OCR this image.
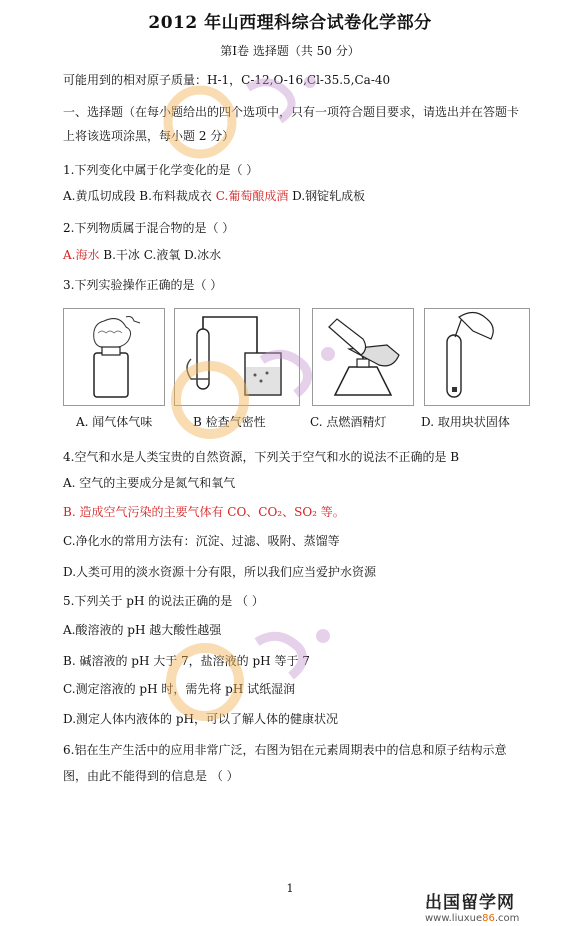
2012 年山西理科综合试卷化学部分
第Ⅰ卷 选择题（共 50 分）
可能用到的相对原子质量：H-1，C-12,O-16,Cl-35.5,Ca-40
一、选择题（在每小题给出的四个选项中，只有一项符合题目要求，请选出并在答题卡
上将该选项涂黑，每小题 2 分）
1.下列变化中属于化学变化的是（ ）
A.黄瓜切成段 B.布料裁成衣 C.葡萄酿成酒 D.钢锭轧成板
2.下列物质属于混合物的是（ ）
A.海水 B.干冰 C.液氧 D.冰水
3.下列实验操作正确的是（ ）
A. 闻气体气味	B 检查气密性	C. 点燃酒精灯	D. 取用块状固体
4.空气和水是人类宝贵的自然资源，下列关于空气和水的说法不正确的是 B
A. 空气的主要成分是氮气和氧气
B. 造成空气污染的主要气体有 CO、CO₂、SO₂ 等。
C.净化水的常用方法有：沉淀、过滤、吸附、蒸馏等
D.人类可用的淡水资源十分有限，所以我们应当爱护水资源
5.下列关于 pH 的说法正确的是 （ ）
A.酸溶液的 pH 越大酸性越强
B. 碱溶液的 pH 大于 7，盐溶液的 pH 等于 7
C.测定溶液的 pH 时，需先将 pH 试纸湿润
D.测定人体内液体的 pH，可以了解人体的健康状况
6.铝在生产生活中的应用非常广泛，右图为铝在元素周期表中的信息和原子结构示意
图，由此不能得到的信息是 （ ）
1
出国留学网
www.liuxue86.com
